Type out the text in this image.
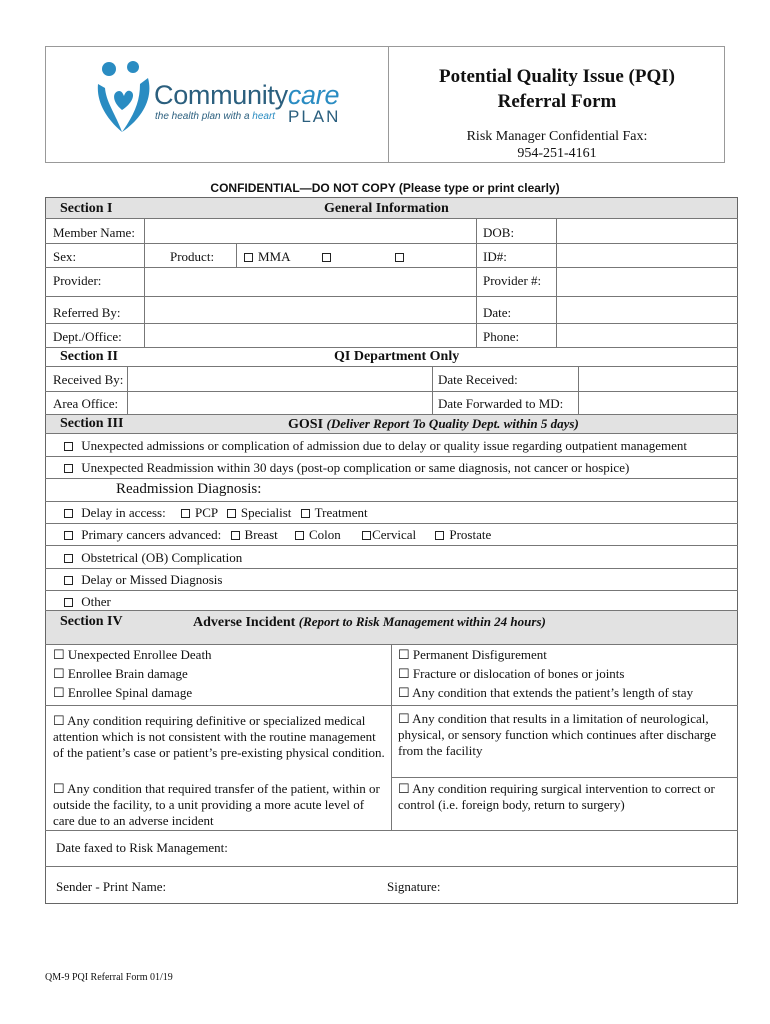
Communitycare
the health plan with a heart PLAN
Potential Quality Issue (PQI)
Referral Form
Risk Manager Confidential Fax:
954-251-4161
CONFIDENTIAL—DO NOT COPY (Please type or print clearly)
Section I	General Information
Member Name:	DOB:
Sex:	Product:	MMA	ID#:
Provider:	Provider #:
Referred By:	Date:
Dept./Office:	Phone:
Section II	QI Department Only
Received By:	Date Received:
Area Office:	Date Forwarded to MD:
Section III	GOSI (Deliver Report To Quality Dept. within 5 days)
Unexpected admissions or complication of admission due to delay or quality issue regarding outpatient management
Unexpected Readmission within 30 days (post-op complication or same diagnosis, not cancer or hospice)
Readmission Diagnosis:
Delay in access: PCP Specialist Treatment
Primary cancers advanced: Breast Colon Cervical	Prostate
Obstetrical (OB) Complication
Delay or Missed Diagnosis
Other
Section IV	Adverse Incident (Report to Risk Management within 24 hours)
☐ Unexpected Enrollee Death
☐ Enrollee Brain damage
☐ Enrollee Spinal damage
☐ Permanent Disfigurement
☐ Fracture or dislocation of bones or joints
☐ Any condition that extends the patient’s length of stay
☐ Any condition requiring definitive or specialized medical attention which is not consistent with the routine management of the patient’s case or patient’s pre-existing physical condition.
☐ Any condition that required transfer of the patient, within or outside the facility, to a unit providing a more acute level of care due to an adverse incident
☐ Any condition that results in a limitation of neurological, physical, or sensory function which continues after discharge from the facility
☐ Any condition requiring surgical intervention to correct or control (i.e. foreign body, return to surgery)
Date faxed to Risk Management:
Sender - Print Name:	Signature:
QM-9 PQI Referral Form 01/19
